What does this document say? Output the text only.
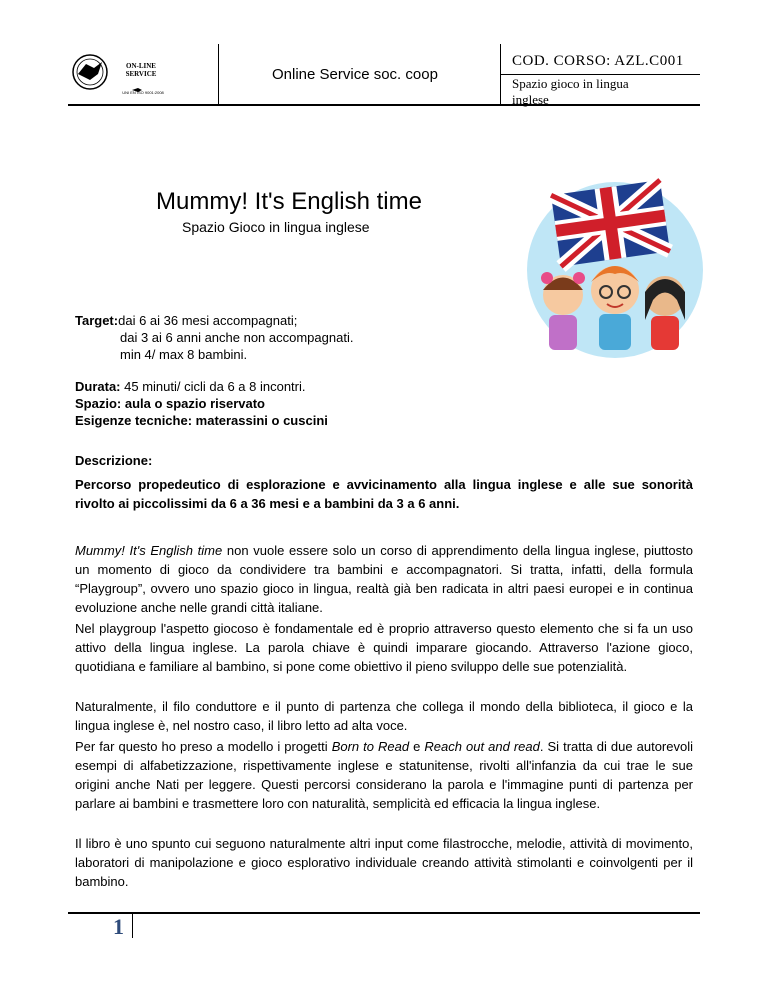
ON-LINE
SERVICE
UNI EN ISO 9001:2008
Online Service soc. coop
COD. CORSO: AZL.C001
Spazio gioco in lingua inglese
Mummy! It's English time
Spazio Gioco in lingua inglese
Target:dai 6 ai 36 mesi accompagnati;
dai 3 ai 6 anni anche non accompagnati.
min 4/ max 8 bambini.
Durata: 45 minuti/ cicli da 6 a 8 incontri.
Spazio: aula o spazio riservato
Esigenze tecniche: materassini o cuscini
Descrizione:
Percorso propedeutico di esplorazione e avvicinamento alla lingua inglese e alle sue sonorità rivolto ai piccolissimi da 6 a 36 mesi e a bambini da 3 a 6 anni.

Mummy! It's English time non vuole essere solo un corso di apprendimento della lingua inglese, piuttosto un momento di gioco da condividere tra bambini e accompagnatori. Si tratta, infatti, della formula “Playgroup”, ovvero uno spazio gioco in lingua, realtà già ben radicata in altri paesi europei e in continua evoluzione anche nelle grandi città italiane.

Nel playgroup l'aspetto giocoso è fondamentale ed è proprio attraverso questo elemento che si fa un uso attivo della lingua inglese. La parola chiave è quindi imparare giocando. Attraverso l'azione gioco, quotidiana e familiare al bambino, si pone come obiettivo il pieno sviluppo delle sue potenzialità.
Naturalmente, il filo conduttore e il punto di partenza che collega il mondo della biblioteca, il gioco e la lingua inglese è, nel nostro caso, il libro letto ad alta voce.

Per far questo ho preso a modello i progetti Born to Read e Reach out and read. Si tratta di due autorevoli esempi di alfabetizzazione, rispettivamente inglese e statunitense, rivolti all'infanzia da cui trae le sue origini anche Nati per leggere. Questi percorsi considerano la parola e l'immagine punti di partenza per parlare ai bambini e trasmettere loro con naturalità, semplicità ed efficacia la lingua inglese.

Il libro è uno spunto cui seguono naturalmente altri input come filastrocche, melodie, attività di movimento, laboratori di manipolazione e gioco esplorativo individuale creando attività stimolanti e coinvolgenti per il bambino.
1
